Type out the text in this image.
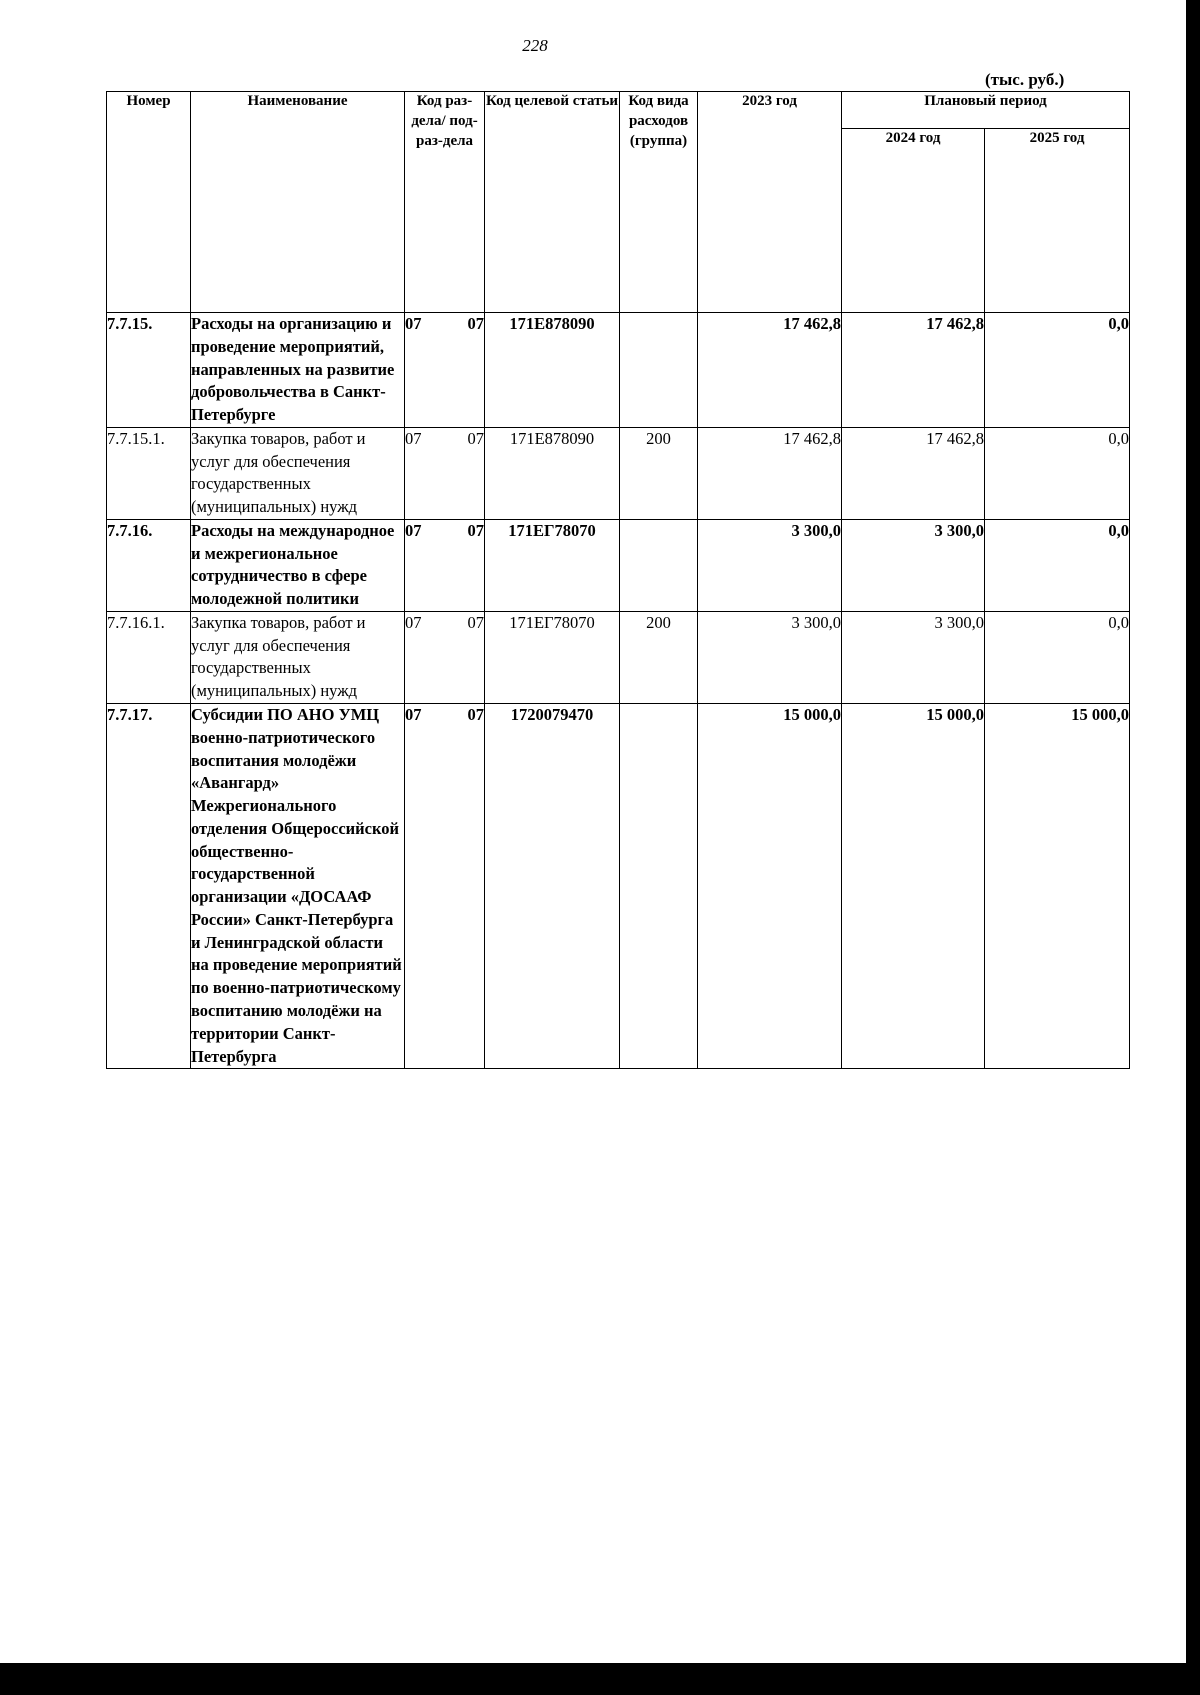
228
(тыс. руб.)
Номер	Наименование	Код раз-дела/ под-раз-дела	Код целевой статьи	Код вида расходов (группа)	2023 год	Плановый период	
						2024 год	2025 год
7.7.15.	Расходы на организацию и проведение мероприятий, направленных на развитие добровольчества в Санкт-Петербурге	07 07	171Е878090		17 462,8	17 462,8	0,0
7.7.15.1.	Закупка товаров, работ и услуг для обеспечения государственных (муниципальных) нужд	07 07	171Е878090	200	17 462,8	17 462,8	0,0
7.7.16.	Расходы на международное и межрегиональное сотрудничество в сфере молодежной политики	07 07	171ЕГ78070		3 300,0	3 300,0	0,0
7.7.16.1.	Закупка товаров, работ и услуг для обеспечения государственных (муниципальных) нужд	07 07	171ЕГ78070	200	3 300,0	3 300,0	0,0
7.7.17.	Субсидии ПО АНО УМЦ военно-патриотического воспитания молодёжи «Авангард» Межрегионального отделения Общероссийской общественно-государственной организации «ДОСААФ России» Санкт-Петербурга и Ленинградской области на проведение мероприятий по военно-патриотическому воспитанию молодёжи на территории Санкт-Петербурга	07 07	1720079470		15 000,0	15 000,0	15 000,0
